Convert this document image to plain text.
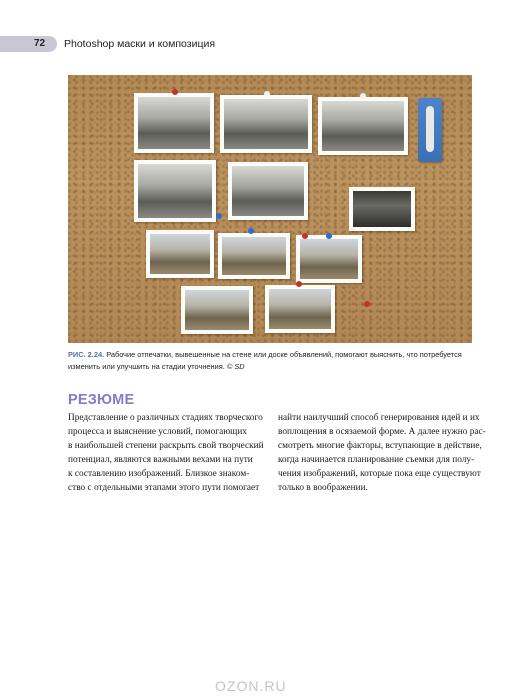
72	Photoshop маски и композиция
РИС. 2.24. Рабочие отпечатки, вывешенные на стене или доске объявлений, помогают выяснить, что потребуется изменить или улучшить на стадии уточнения. © SD
РЕЗЮМЕ
Представление о различных стадиях творческого
процесса и выяснение условий, помогающих
в наибольшей степени раскрыть свой творческий
потенциал, являются важными вехами на пути
к составлению изображений. Близкое знаком-
ство с отдельными этапами этого пути помогает
найти наилучший способ генерирования идей и их
воплощения в осязаемой форме. А далее нужно рас-
смотреть многие факторы, вступающие в действие,
когда начинается планирование съемки для полу-
чения изображений, которые пока еще существуют
только в воображении.
OZON.RU
